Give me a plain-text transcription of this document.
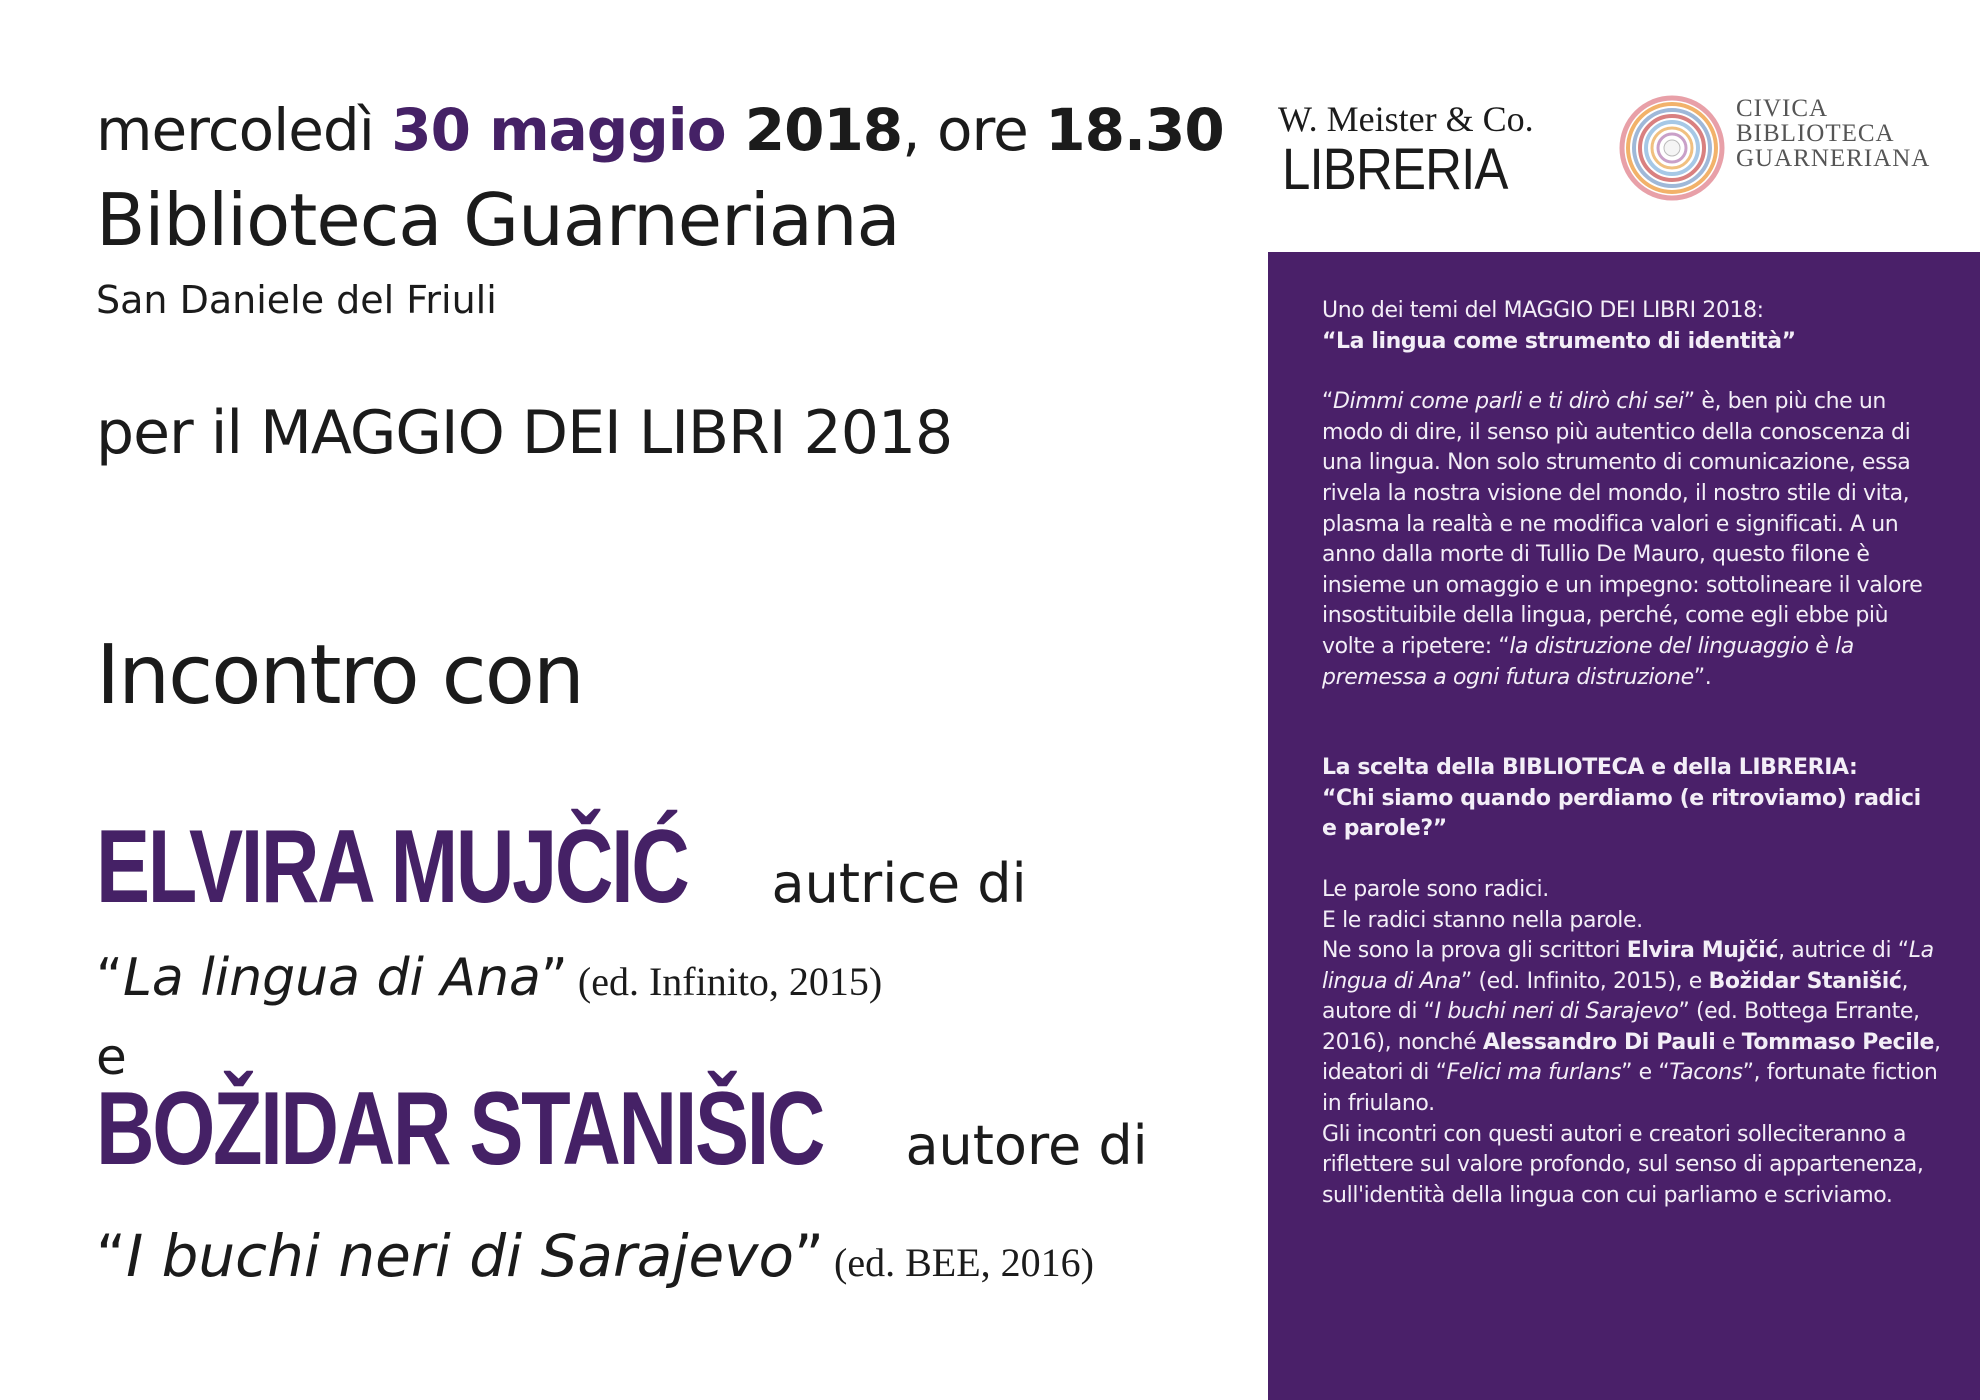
mercoledì 30 maggio 2018, ore 18.30
Biblioteca Guarneriana
San Daniele del Friuli
per il MAGGIO DEI LIBRI 2018
Incontro con
ELVIRA MUJČIĆ autrice di
“La lingua di Ana” (ed. Infinito, 2015)
e
BOŽIDAR STANIŠIC autore di
“I buchi neri di Sarajevo” (ed. BEE, 2016)
W. Meister & Co.
LIBRERIA
CIVICA
BIBLIOTECA
GUARNERIANA

Uno dei temi del MAGGIO DEI LIBRI 2018:

“La lingua come strumento di identità”

“Dimmi come parli e ti dirò chi sei” è, ben più che un modo di dire, il senso più autentico della conoscenza di una lingua. Non solo strumento di comunicazione, essa rivela la nostra visione del mondo, il nostro stile di vita, plasma la realtà e ne modifica valori e significati. A un anno dalla morte di Tullio De Mauro, questo filone è insieme un omaggio e un impegno: sottolineare il valore insostituibile della lingua, perché, come egli ebbe più volte a ripetere: “la distruzione del linguaggio è la premessa a ogni futura distruzione”.

La scelta della BIBLIOTECA e della LIBRERIA:

“Chi siamo quando perdiamo (e ritroviamo) radici e parole?”

Le parole sono radici.

E le radici stanno nella parole.

Ne sono la prova gli scrittori Elvira Mujčić, autrice di “La lingua di Ana” (ed. Infinito, 2015), e Božidar Stanišić, autore di “I buchi neri di Sarajevo” (ed. Bottega Errante, 2016), nonché Alessandro Di Pauli e Tommaso Pecile, ideatori di “Felici ma furlans” e “Tacons”, fortunate fiction in friulano.

Gli incontri con questi autori e creatori solleciteranno a riflettere sul valore profondo, sul senso di appartenenza, sull'identità della lingua con cui parliamo e scriviamo.
